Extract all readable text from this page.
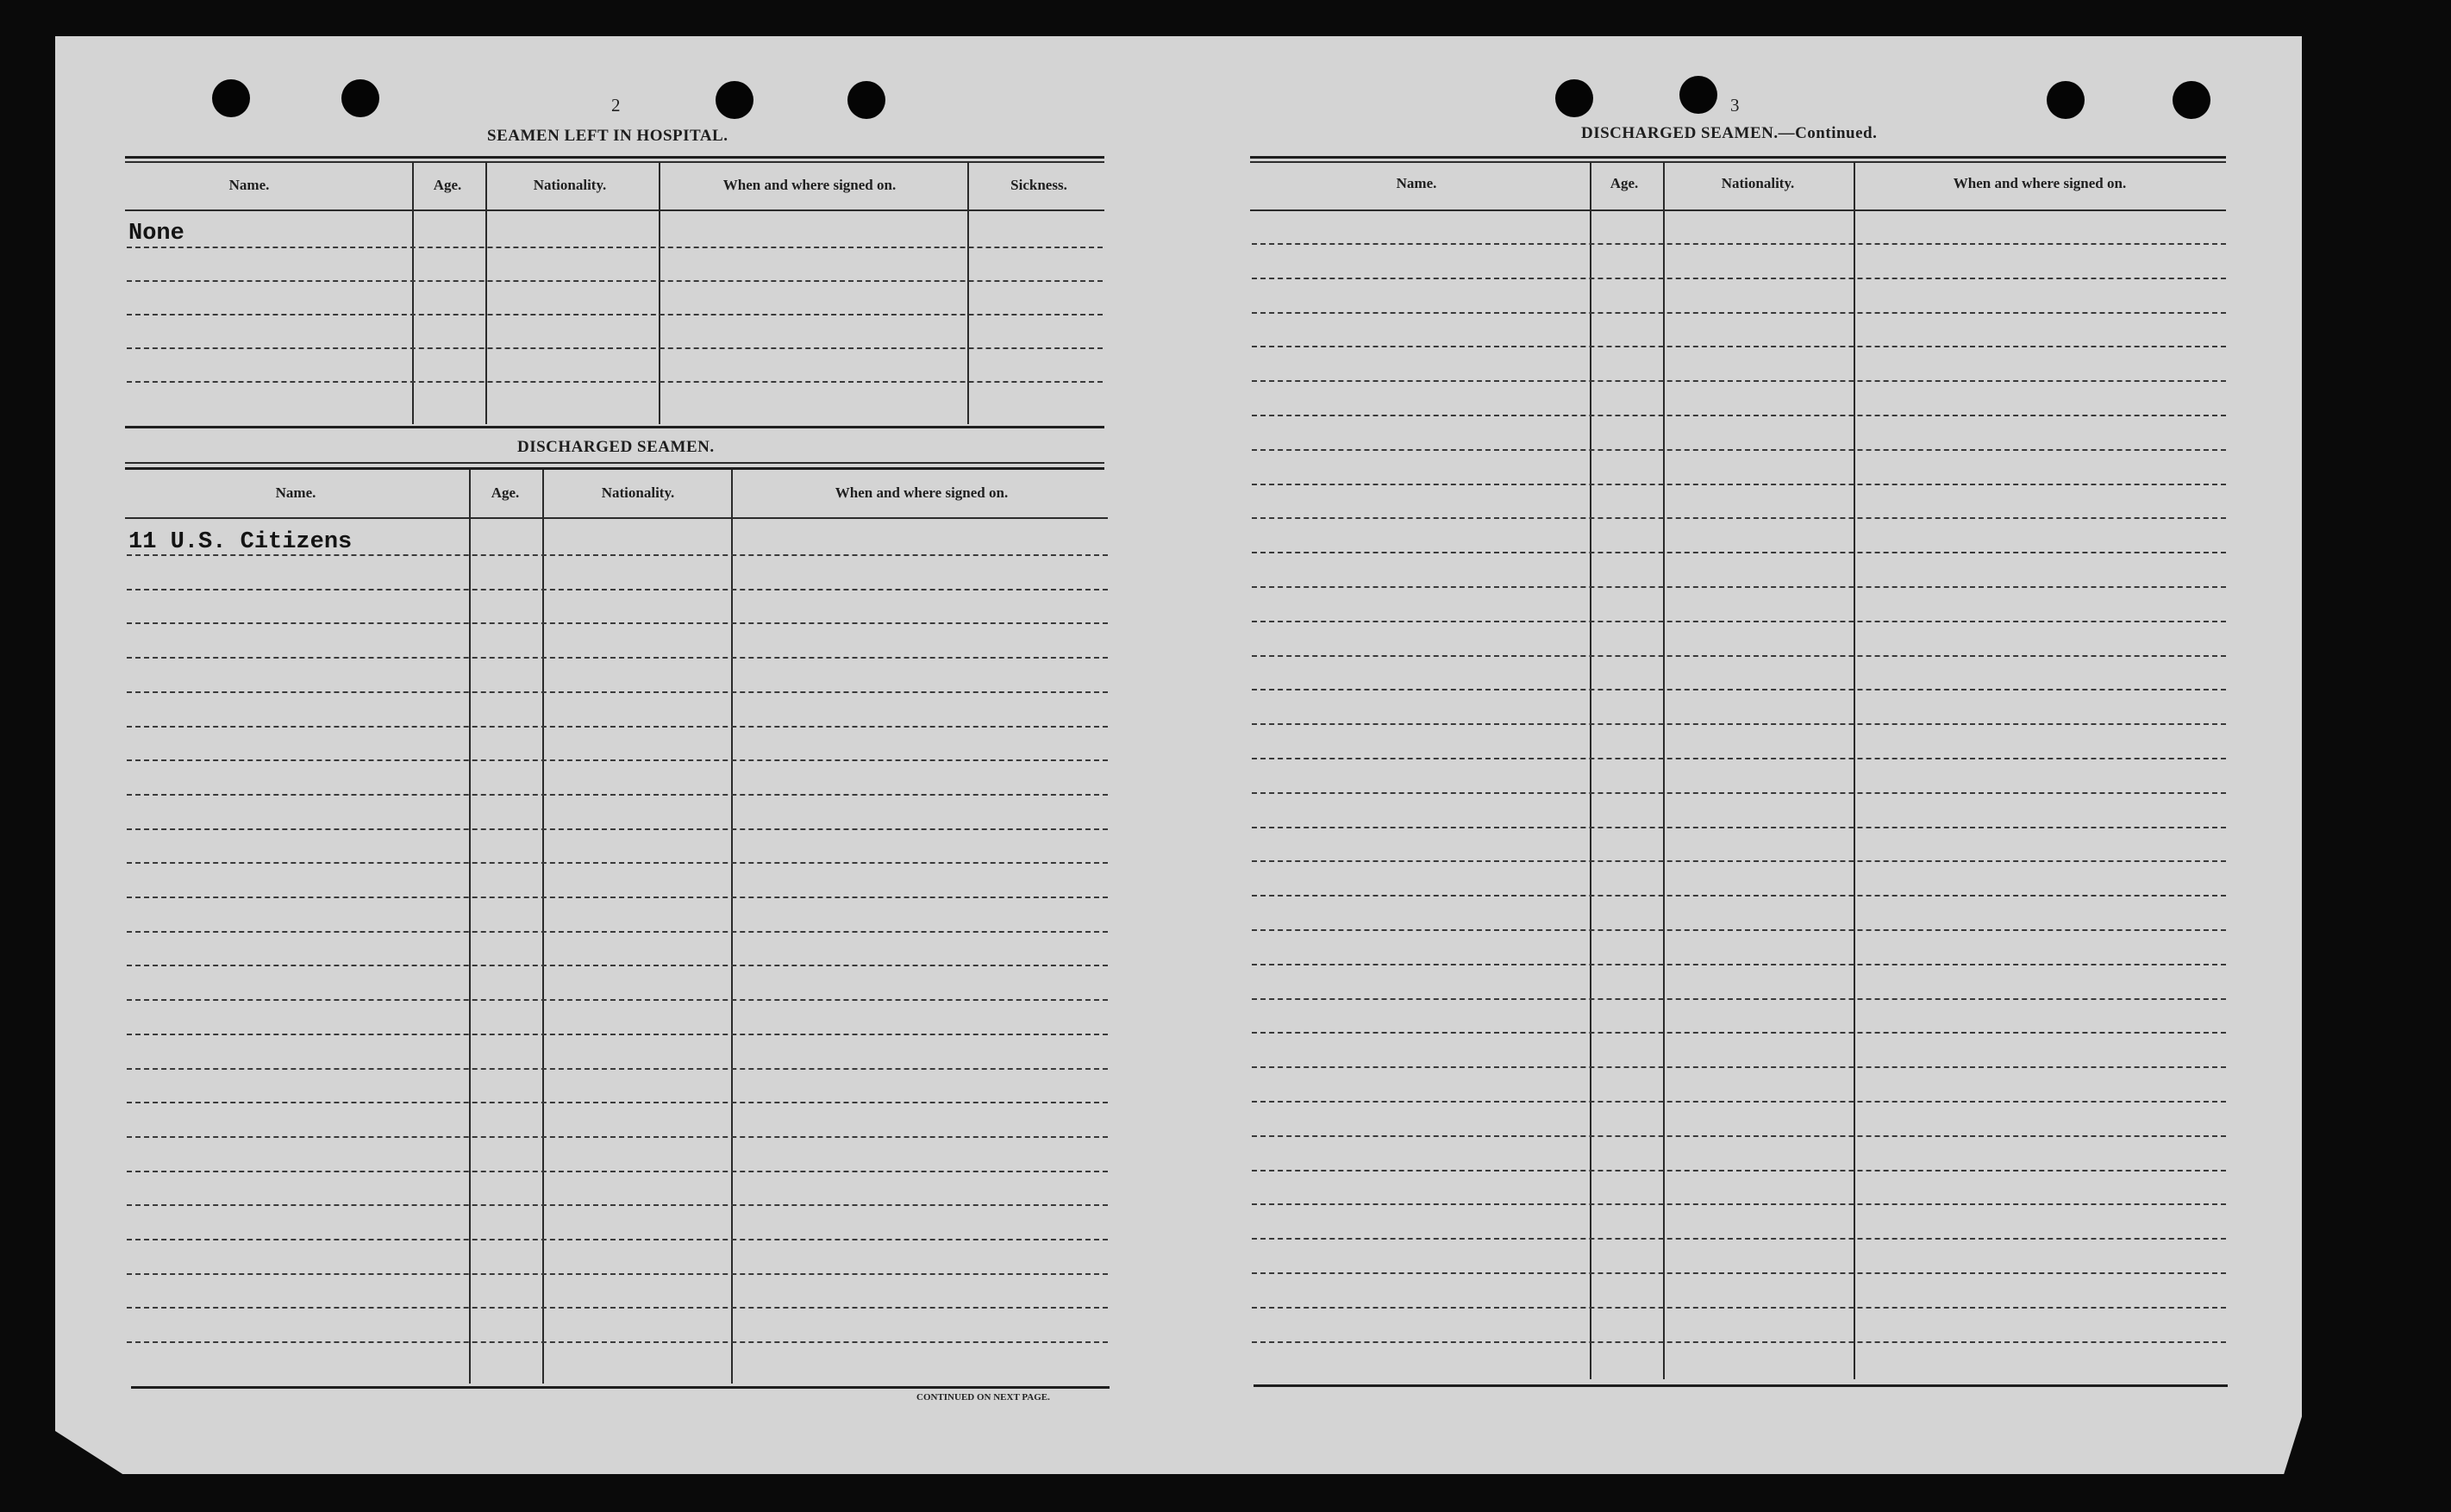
2
SEAMEN LEFT IN HOSPITAL.
Name.	Age.	Nationality.	When and where signed on.	Sickness.
None
DISCHARGED SEAMEN.
Name.	Age.	Nationality.	When and where signed on.
11 U.S. Citizens
CONTINUED ON NEXT PAGE.
3
DISCHARGED SEAMEN.—Continued.
Name.	Age.	Nationality.	When and where signed on.
